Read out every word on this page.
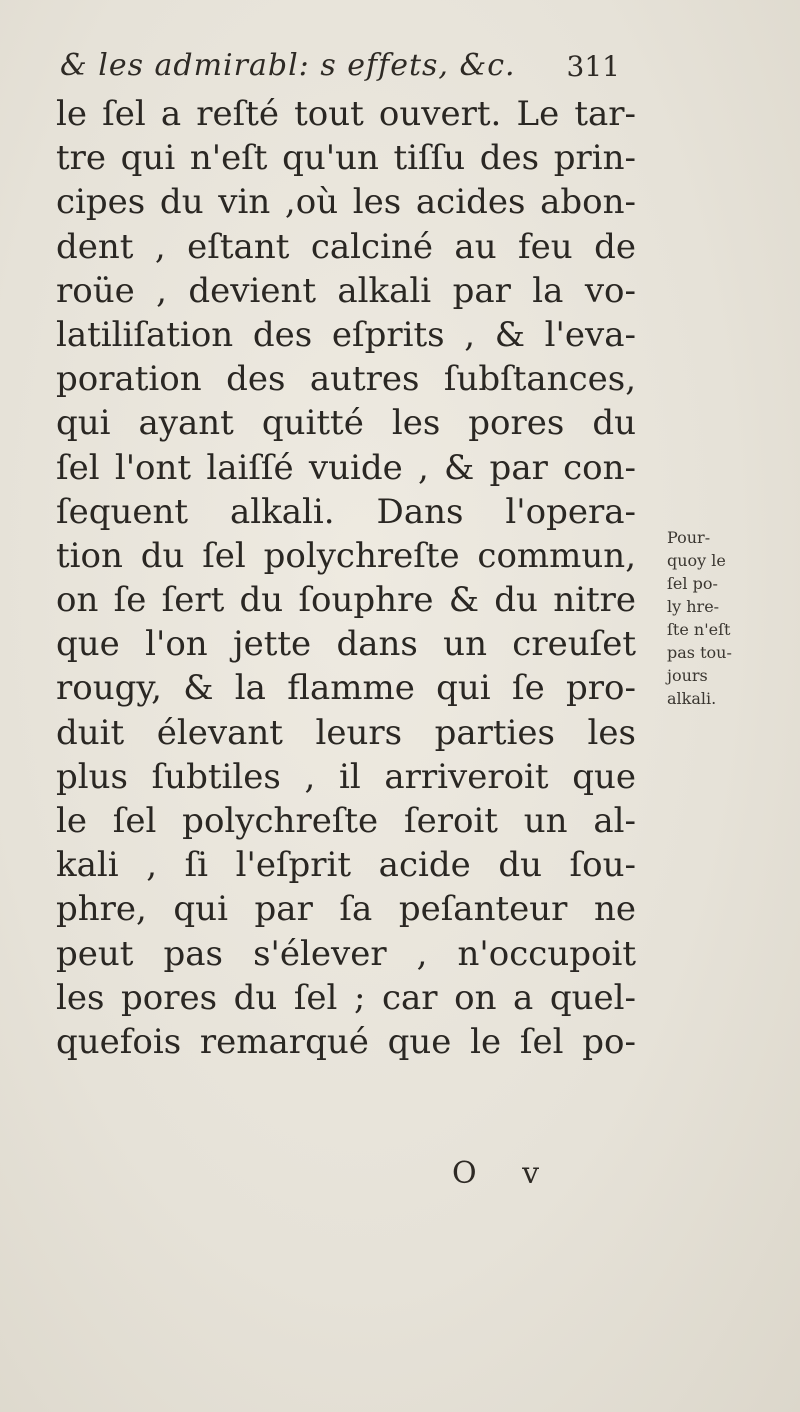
& les admirabl: s effets, &c. 311
le ſel a reſté tout ouvert. Le tar-
tre qui n'eſt qu'un tiſſu des prin-
cipes du vin ,où les acides abon-
dent , eſtant calciné au feu de
roüe , devient alkali par la vo-
latiliſation des eſprits , & l'eva-
poration des autres ſubſtances,
qui ayant quitté les pores du
ſel l'ont laiſſé vuide , & par con-
ſequent alkali. Dans l'opera-
tion du ſel polychreſte commun,
on ſe ſert du ſouphre & du nitre
que l'on jette dans un creuſet
rougy, & la flamme qui ſe pro-
duit élevant leurs parties les
plus ſubtiles , il arriveroit que
le ſel polychreſte ſeroit un al-
kali , ſi l'eſprit acide du ſou-
phre, qui par ſa peſanteur ne
peut pas s'élever , n'occupoit
les pores du ſel ; car on a quel-
quefois remarqué que le ſel po-
Pour-
quoy le
ſel po-
ly hre-
ſte n'eſt
pas tou-
jours
alkali.
O v
